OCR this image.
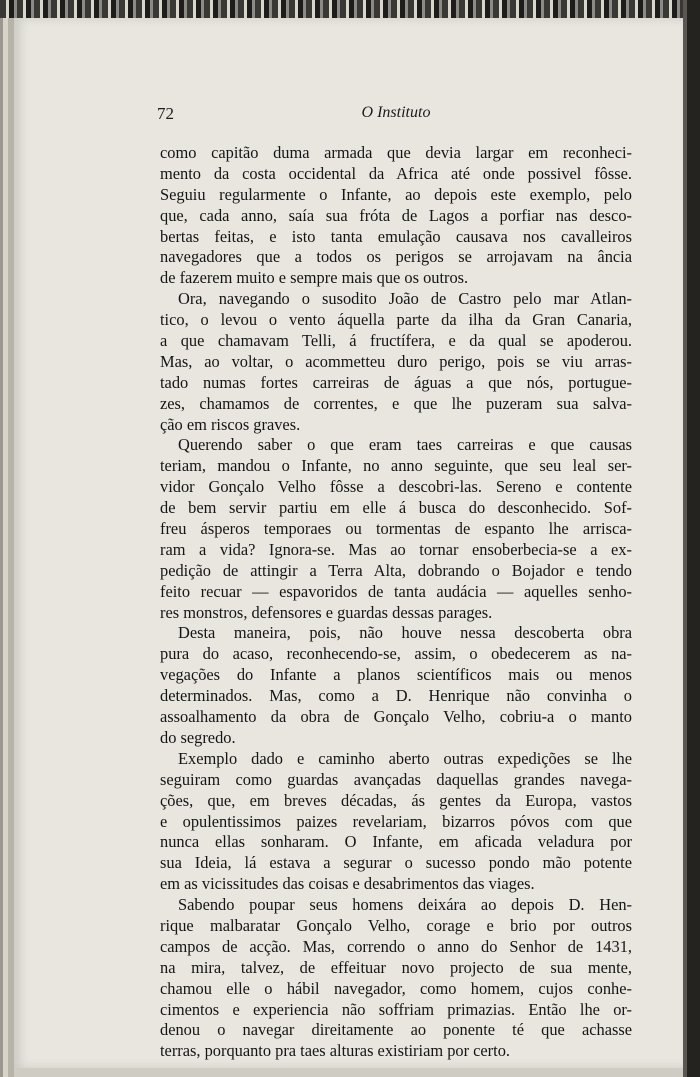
72	O Instituto
como capitão duma armada que devia largar em reconheci-
mento da costa occidental da Africa até onde possivel fôsse.
Seguiu regularmente o Infante, ao depois este exemplo, pelo
que, cada anno, saía sua fróta de Lagos a porfiar nas desco-
bertas feitas, e isto tanta emulação causava nos cavalleiros
navegadores que a todos os perigos se arrojavam na ância
de fazerem muito e sempre mais que os outros.
Ora, navegando o susodito João de Castro pelo mar Atlan-
tico, o levou o vento áquella parte da ilha da Gran Canaria,
a que chamavam Telli, á fructífera, e da qual se apoderou.
Mas, ao voltar, o acommetteu duro perigo, pois se viu arras-
tado numas fortes carreiras de águas a que nós, portugue-
zes, chamamos de correntes, e que lhe puzeram sua salva-
ção em riscos graves.
Querendo saber o que eram taes carreiras e que causas
teriam, mandou o Infante, no anno seguinte, que seu leal ser-
vidor Gonçalo Velho fôsse a descobri-las. Sereno e contente
de bem servir partiu em elle á busca do desconhecido. Sof-
freu ásperos temporaes ou tormentas de espanto lhe arrisca-
ram a vida? Ignora-se. Mas ao tornar ensoberbecia-se a ex-
pedição de attingir a Terra Alta, dobrando o Bojador e tendo
feito recuar — espavoridos de tanta audácia — aquelles senho-
res monstros, defensores e guardas dessas parages.
Desta maneira, pois, não houve nessa descoberta obra
pura do acaso, reconhecendo-se, assim, o obedecerem as na-
vegações do Infante a planos scientíficos mais ou menos
determinados. Mas, como a D. Henrique não convinha o
assoalhamento da obra de Gonçalo Velho, cobriu-a o manto
do segredo.
Exemplo dado e caminho aberto outras expedições se lhe
seguiram como guardas avançadas daquellas grandes navega-
ções, que, em breves décadas, ás gentes da Europa, vastos
e opulentissimos paizes revelariam, bizarros póvos com que
nunca ellas sonharam. O Infante, em aficada veladura por
sua Ideia, lá estava a segurar o sucesso pondo mão potente
em as vicissitudes das coisas e desabrimentos das viages.
Sabendo poupar seus homens deixára ao depois D. Hen-
rique malbaratar Gonçalo Velho, corage e brio por outros
campos de acção. Mas, correndo o anno do Senhor de 1431,
na mira, talvez, de effeituar novo projecto de sua mente,
chamou elle o hábil navegador, como homem, cujos conhe-
cimentos e experiencia não soffriam primazias. Então lhe or-
denou o navegar direitamente ao ponente té que achasse
terras, porquanto pra taes alturas existiriam por certo.
